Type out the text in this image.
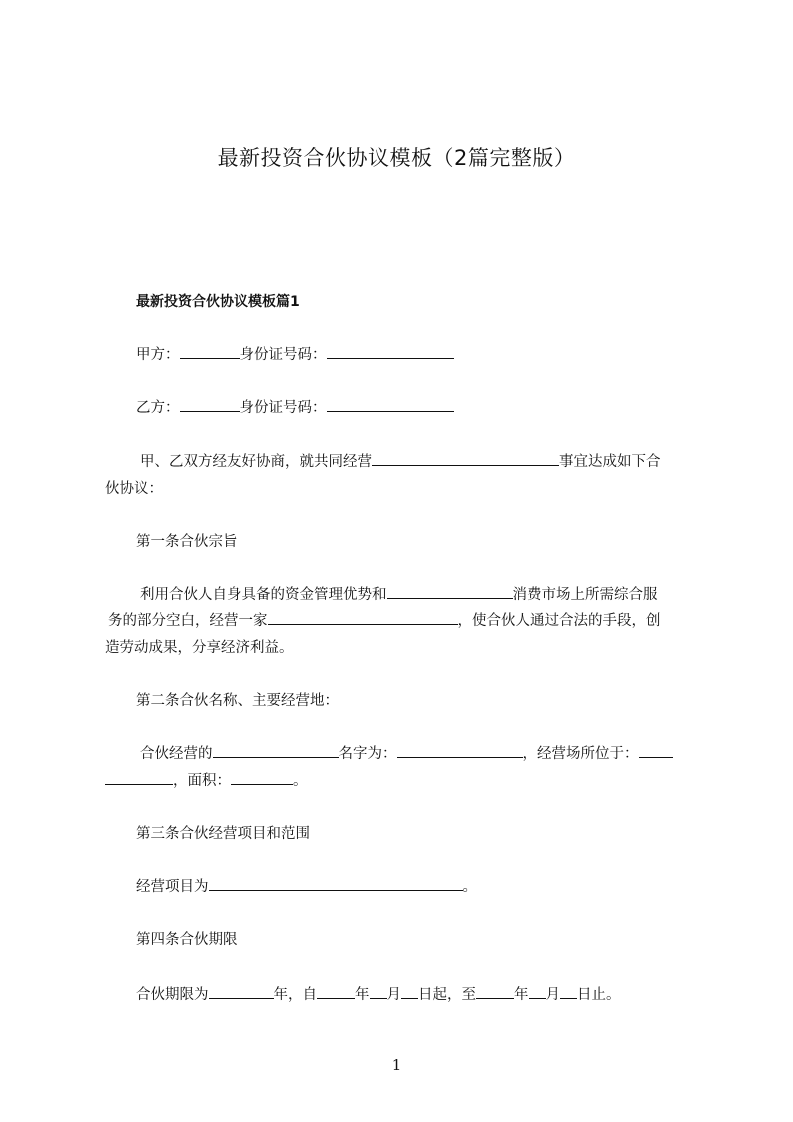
最新投资合伙协议模板（2篇完整版）
最新投资合伙协议模板篇1
甲方：	身份证号码：
乙方：	身份证号码：
甲、乙双方经友好协商，就共同经营	事宜达成如下合
伙协议：
第一条合伙宗旨
利用合伙人自身具备的资金管理优势和	消费市场上所需综合服
务的部分空白，经营一家	，使合伙人通过合法的手段，创
造劳动成果，分享经济利益。
第二条合伙名称、主要经营地：
合伙经营的	名字为：	，经营场所位于：
，面积：	。
第三条合伙经营项目和范围
经营项目为	。
第四条合伙期限
合伙期限为	年，自	年 月 日起，至	年 月 日止。
1
